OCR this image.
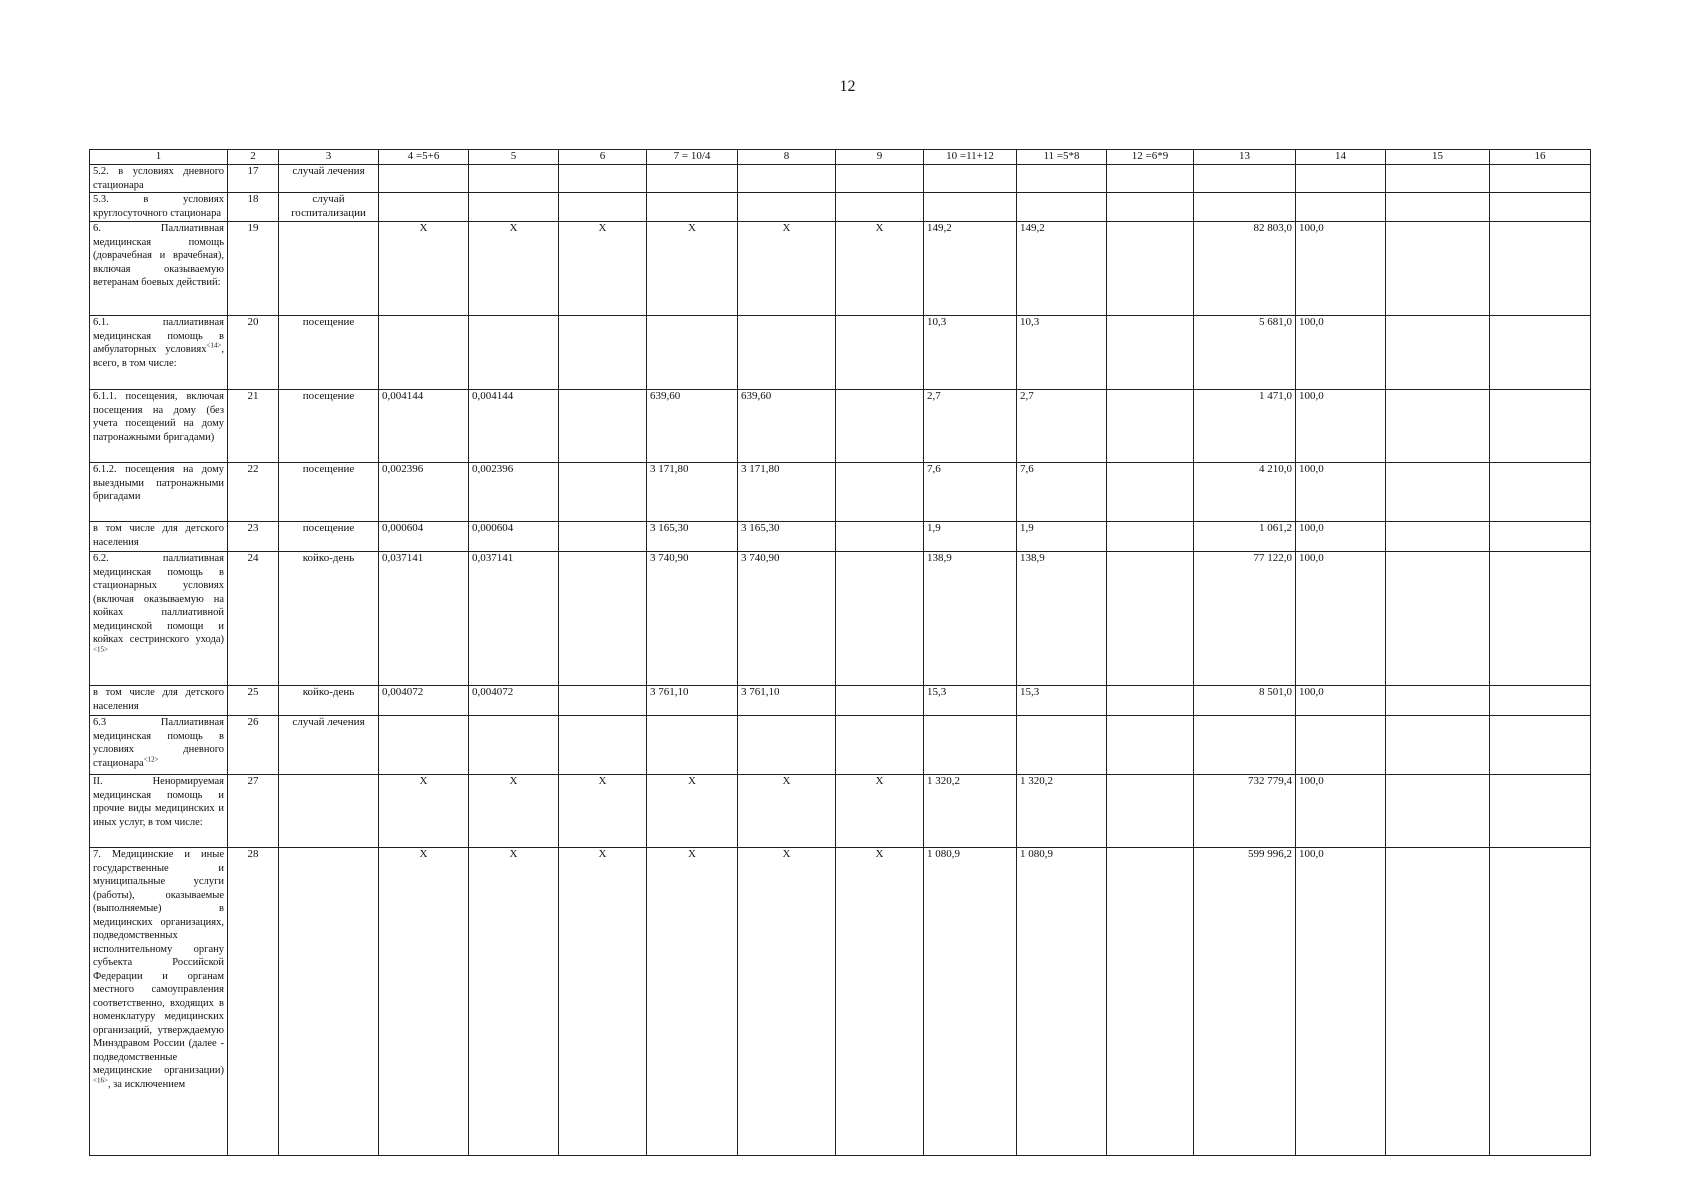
12
1	2	3	4 =5+6	5	6	7 = 10/4	8	9	10 =11+12	11 =5*8	12 =6*9	13	14	15	16
5.2. в условиях дневного стационара	17	случай лечения													
5.3. в условиях круглосуточного стационара	18	случай госпитализации													
6. Паллиативная медицинская помощь (доврачебная и врачебная), включая оказываемую ветеранам боевых действий:	19		X	X	X	X	X	X	149,2	149,2		82 803,0	100,0		
6.1. паллиативная медицинская помощь в амбулаторных условиях$^{<14>}$, всего, в том числе:	20	посещение							10,3	10,3		5 681,0	100,0		
6.1.1. посещения, включая посещения на дому (без учета посещений на дому патронажными бригадами)	21	посещение	0,004144	0,004144		639,60	639,60		2,7	2,7		1 471,0	100,0		
6.1.2. посещения на дому выездными патронажными бригадами	22	посещение	0,002396	0,002396		3 171,80	3 171,80		7,6	7,6		4 210,0	100,0		
в том числе для детского населения	23	посещение	0,000604	0,000604		3 165,30	3 165,30		1,9	1,9		1 061,2	100,0		
6.2. паллиативная медицинская помощь в стационарных условиях (включая оказываемую на койках паллиативной медицинской помощи и койках сестринского ухода)$^{<15>}$	24	койко-день	0,037141	0,037141		3 740,90	3 740,90		138,9	138,9		77 122,0	100,0		
в том числе для детского населения	25	койко-день	0,004072	0,004072		3 761,10	3 761,10		15,3	15,3		8 501,0	100,0		
6.3 Паллиативная медицинская помощь в условиях дневного стационара$^{<12>}$	26	случай лечения													
II. Ненормируемая медицинская помощь и прочие виды медицинских и иных услуг, в том числе:	27		X	X	X	X	X	X	1 320,2	1 320,2		732 779,4	100,0		
7. Медицинские и иные государственные и муниципальные услуги (работы), оказываемые (выполняемые) в медицинских организациях, подведомственных исполнительному органу субъекта Российской Федерации и органам местного самоуправления соответственно, входящих в номенклатуру медицинских организаций, утверждаемую Минздравом России (далее - подведомственные медицинские организации)$^{<16>}$, за исключением	28		X	X	X	X	X	X	1 080,9	1 080,9		599 996,2	100,0		
